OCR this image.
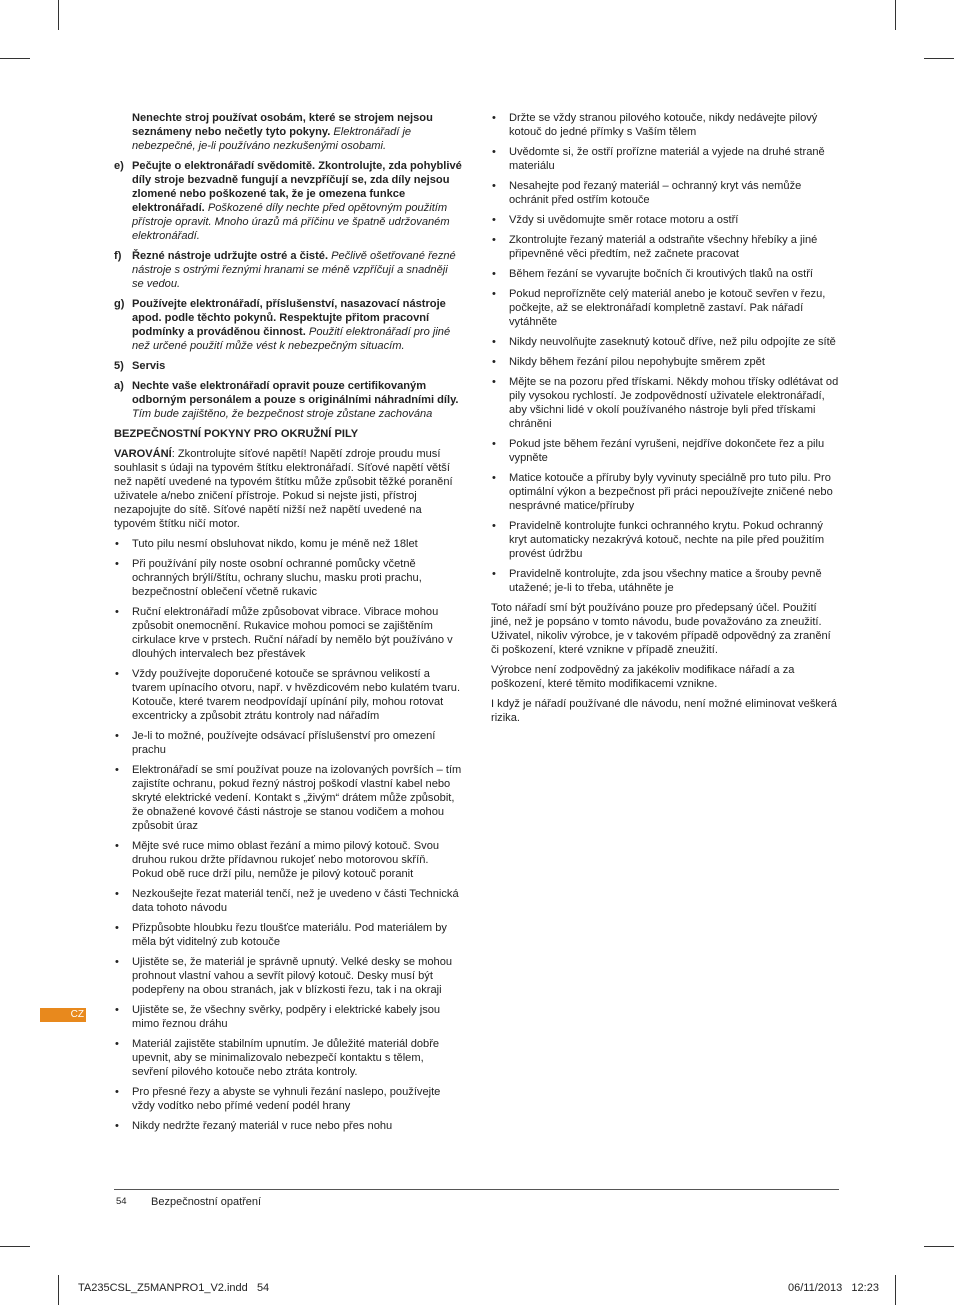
Nenechte stroj používat osobám, které se strojem nejsou seznámeny nebo nečetly tyto pokyny. Elektronářadí je nebezpečné, je-li používáno nezkušenými osobami.
e) Pečujte o elektronářadí svědomitě. Zkontrolujte, zda pohyblivé díly stroje bezvadně fungují a nevzpříčují se, zda díly nejsou zlomené nebo poškozené tak, že je omezena funkce elektronářadí. Poškozené díly nechte před opětovným použitím přístroje opravit. Mnoho úrazů má příčinu ve špatně udržovaném elektronářadí.
f) Řezné nástroje udržujte ostré a čisté. Pečlivě ošetřované řezné nástroje s ostrými řeznými hranami se méně vzpříčují a snadněji se vedou.
g) Používejte elektronářadí, příslušenství, nasazovací nástroje apod. podle těchto pokynů. Respektujte přitom pracovní podmínky a prováděnou činnost. Použití elektronářadí pro jiné než určené použití může vést k nebezpečným situacím.
5) Servis
a) Nechte vaše elektronářadí opravit pouze certifikovaným odborným personálem a pouze s originálními náhradními díly. Tím bude zajištěno, že bezpečnost stroje zůstane zachována
BEZPEČNOSTNÍ POKYNY PRO OKRUŽNÍ PILY
VAROVÁNÍ: Zkontrolujte síťové napětí! Napětí zdroje proudu musí souhlasit s údaji na typovém štítku elektronářadí. Síťové napětí větší než napětí uvedené na typovém štítku může způsobit těžké poranění uživatele a/nebo zničení přístroje. Pokud si nejste jisti, přístroj nezapojujte do sítě. Síťové napětí nižší než napětí uvedené na typovém štítku ničí motor.
• Tuto pilu nesmí obsluhovat nikdo, komu je méně než 18let
• Při používání pily noste osobní ochranné pomůcky včetně ochranných brýlí/štítu, ochrany sluchu, masku proti prachu, bezpečnostní oblečení včetně rukavic
• Ruční elektronářadí může způsobovat vibrace. Vibrace mohou způsobit onemocnění. Rukavice mohou pomoci se zajištěním cirkulace krve v prstech. Ruční nářadí by nemělo být používáno v dlouhých intervalech bez přestávek
• Vždy používejte doporučené kotouče se správnou velikostí a tvarem upínacího otvoru, např. v hvězdicovém nebo kulatém tvaru. Kotouče, které tvarem neodpovídají upínání pily, mohou rotovat excentricky a způsobit ztrátu kontroly nad nářadím
• Je-li to možné, používejte odsávací příslušenství pro omezení prachu
• Elektronářadí se smí používat pouze na izolovaných površích – tím zajistíte ochranu, pokud řezný nástroj poškodí vlastní kabel nebo skryté elektrické vedení. Kontakt s „živým“ drátem může způsobit, že obnažené kovové části nástroje se stanou vodičem a mohou způsobit úraz
• Mějte své ruce mimo oblast řezání a mimo pilový kotouč. Svou druhou rukou držte přídavnou rukojeť nebo motorovou skříň. Pokud obě ruce drží pilu, nemůže je pilový kotouč poranit
• Nezkoušejte řezat materiál tenčí, než je uvedeno v části Technická data tohoto návodu
• Přizpůsobte hloubku řezu tloušťce materiálu. Pod materiálem by měla být viditelný zub kotouče
• Ujistěte se, že materiál je správně upnutý. Velké desky se mohou prohnout vlastní vahou a sevřít pilový kotouč. Desky musí být podepřeny na obou stranách, jak v blízkosti řezu, tak i na okraji
• Ujistěte se, že všechny svěrky, podpěry i elektrické kabely jsou mimo řeznou dráhu
• Materiál zajistěte stabilním upnutím. Je důležité materiál dobře upevnit, aby se minimalizovalo nebezpečí kontaktu s tělem, sevření pilového kotouče nebo ztráta kontroly.
• Pro přesné řezy a abyste se vyhnuli řezání naslepo, používejte vždy vodítko nebo přímé vedení podél hrany
• Nikdy nedržte řezaný materiál v ruce nebo přes nohu
• Držte se vždy stranou pilového kotouče, nikdy nedávejte pilový kotouč do jedné přímky s Vaším tělem
• Uvědomte si, že ostří prořízne materiál a vyjede na druhé straně materiálu
• Nesahejte pod řezaný materiál – ochranný kryt vás nemůže ochránit před ostřím kotouče
• Vždy si uvědomujte směr rotace motoru a ostří
• Zkontrolujte řezaný materiál a odstraňte všechny hřebíky a jiné připevněné věci předtím, než začnete pracovat
• Během řezání se vyvarujte bočních či kroutivých tlaků na ostří
• Pokud neprořízněte celý materiál anebo je kotouč sevřen v řezu, počkejte, až se elektronářadí kompletně zastaví. Pak nářadí vytáhněte
• Nikdy neuvolňujte zaseknutý kotouč dříve, než pilu odpojíte ze sítě
• Nikdy během řezání pilou nepohybujte směrem zpět
• Mějte se na pozoru před třískami. Někdy mohou třísky odlétávat od pily vysokou rychlostí. Je zodpovědností uživatele elektronářadí, aby všichni lidé v okolí používaného nástroje byli před třískami chráněni
• Pokud jste během řezání vyrušeni, nejdříve dokončete řez a pilu vypněte
• Matice kotouče a příruby byly vyvinuty speciálně pro tuto pilu. Pro optimální výkon a bezpečnost při práci nepoužívejte zničené nebo nesprávné matice/příruby
• Pravidelně kontrolujte funkci ochranného krytu. Pokud ochranný kryt automaticky nezakrývá kotouč, nechte na pile před použitím provést údržbu
• Pravidelně kontrolujte, zda jsou všechny matice a šrouby pevně utažené; je-li to třeba, utáhněte je
Toto nářadí smí být používáno pouze pro předepsaný účel. Použití jiné, než je popsáno v tomto návodu, bude považováno za zneužití. Uživatel, nikoliv výrobce, je v takovém případě odpovědný za zranění či poškození, které vznikne v případě zneužití.
Výrobce není zodpovědný za jakékoliv modifikace nářadí a za poškození, které těmito modifikacemi vznikne.
I když je nářadí používané dle návodu, není možné eliminovat veškerá rizika.
CZ
54 Bezpečnostní opatření
TA235CSL_Z5MANPRO1_V2.indd   54	06/11/2013   12:23
